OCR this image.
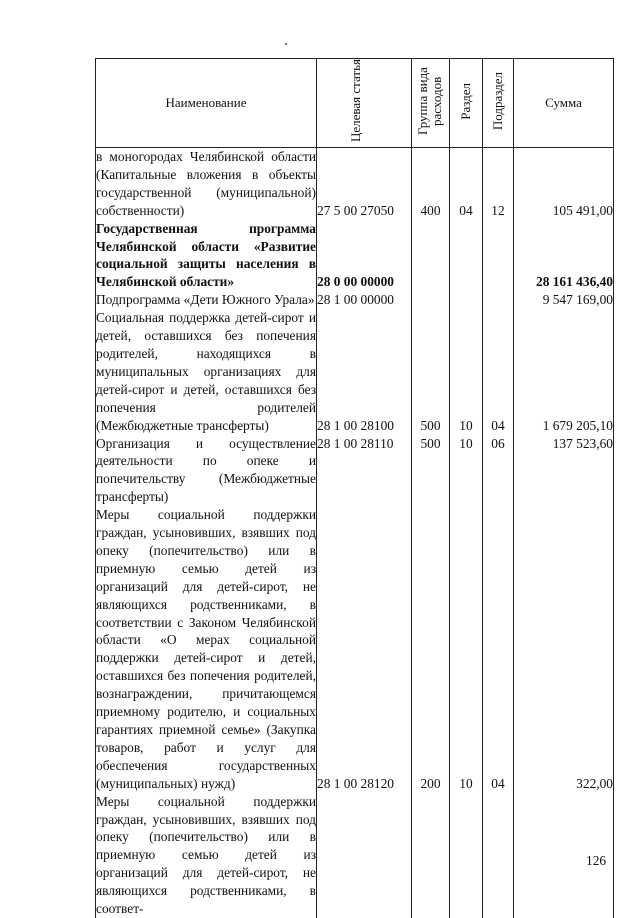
Наименование	Целевая статья	Группа вида расходов	Раздел	Подраздел	Сумма
в моногородах Челябинской области (Капитальные вложения в объекты государственной (муниципальной) собственности)	27 5 00 27050	400	04	12	105 491,00
Государственная программа Челябинской области «Развитие социальной защиты населения в Челябинской области»	28 0 00 00000				28 161 436,40
Подпрограмма «Дети Южного Урала»	28 1 00 00000				9 547 169,00
Социальная поддержка детей-сирот и детей, оставшихся без попечения родителей, находящихся в муниципальных организациях для детей-сирот и детей, оставшихся без попечения родителей (Межбюджетные трансферты)	28 1 00 28100	500	10	04	1 679 205,10
Организация и осуществление деятельности по опеке и попечительству (Межбюджетные трансферты)	28 1 00 28110	500	10	06	137 523,60
Меры социальной поддержки граждан, усыновивших, взявших под опеку (попечительство) или в приемную семью детей из организаций для детей-сирот, не являющихся родственниками, в соответствии с Законом Челябинской области «О мерах социальной поддержки детей-сирот и детей, оставшихся без попечения родителей, вознаграждении, причитающемся приемному родителю, и социальных гарантиях приемной семье» (Закупка товаров, работ и услуг для обеспечения государственных (муниципальных) нужд)	28 1 00 28120	200	10	04	322,00
Меры социальной поддержки граждан, усыновивших, взявших под опеку (попечительство) или в приемную семью детей из организаций для детей-сирот, не являющихся родственниками, в соответ-					
126
